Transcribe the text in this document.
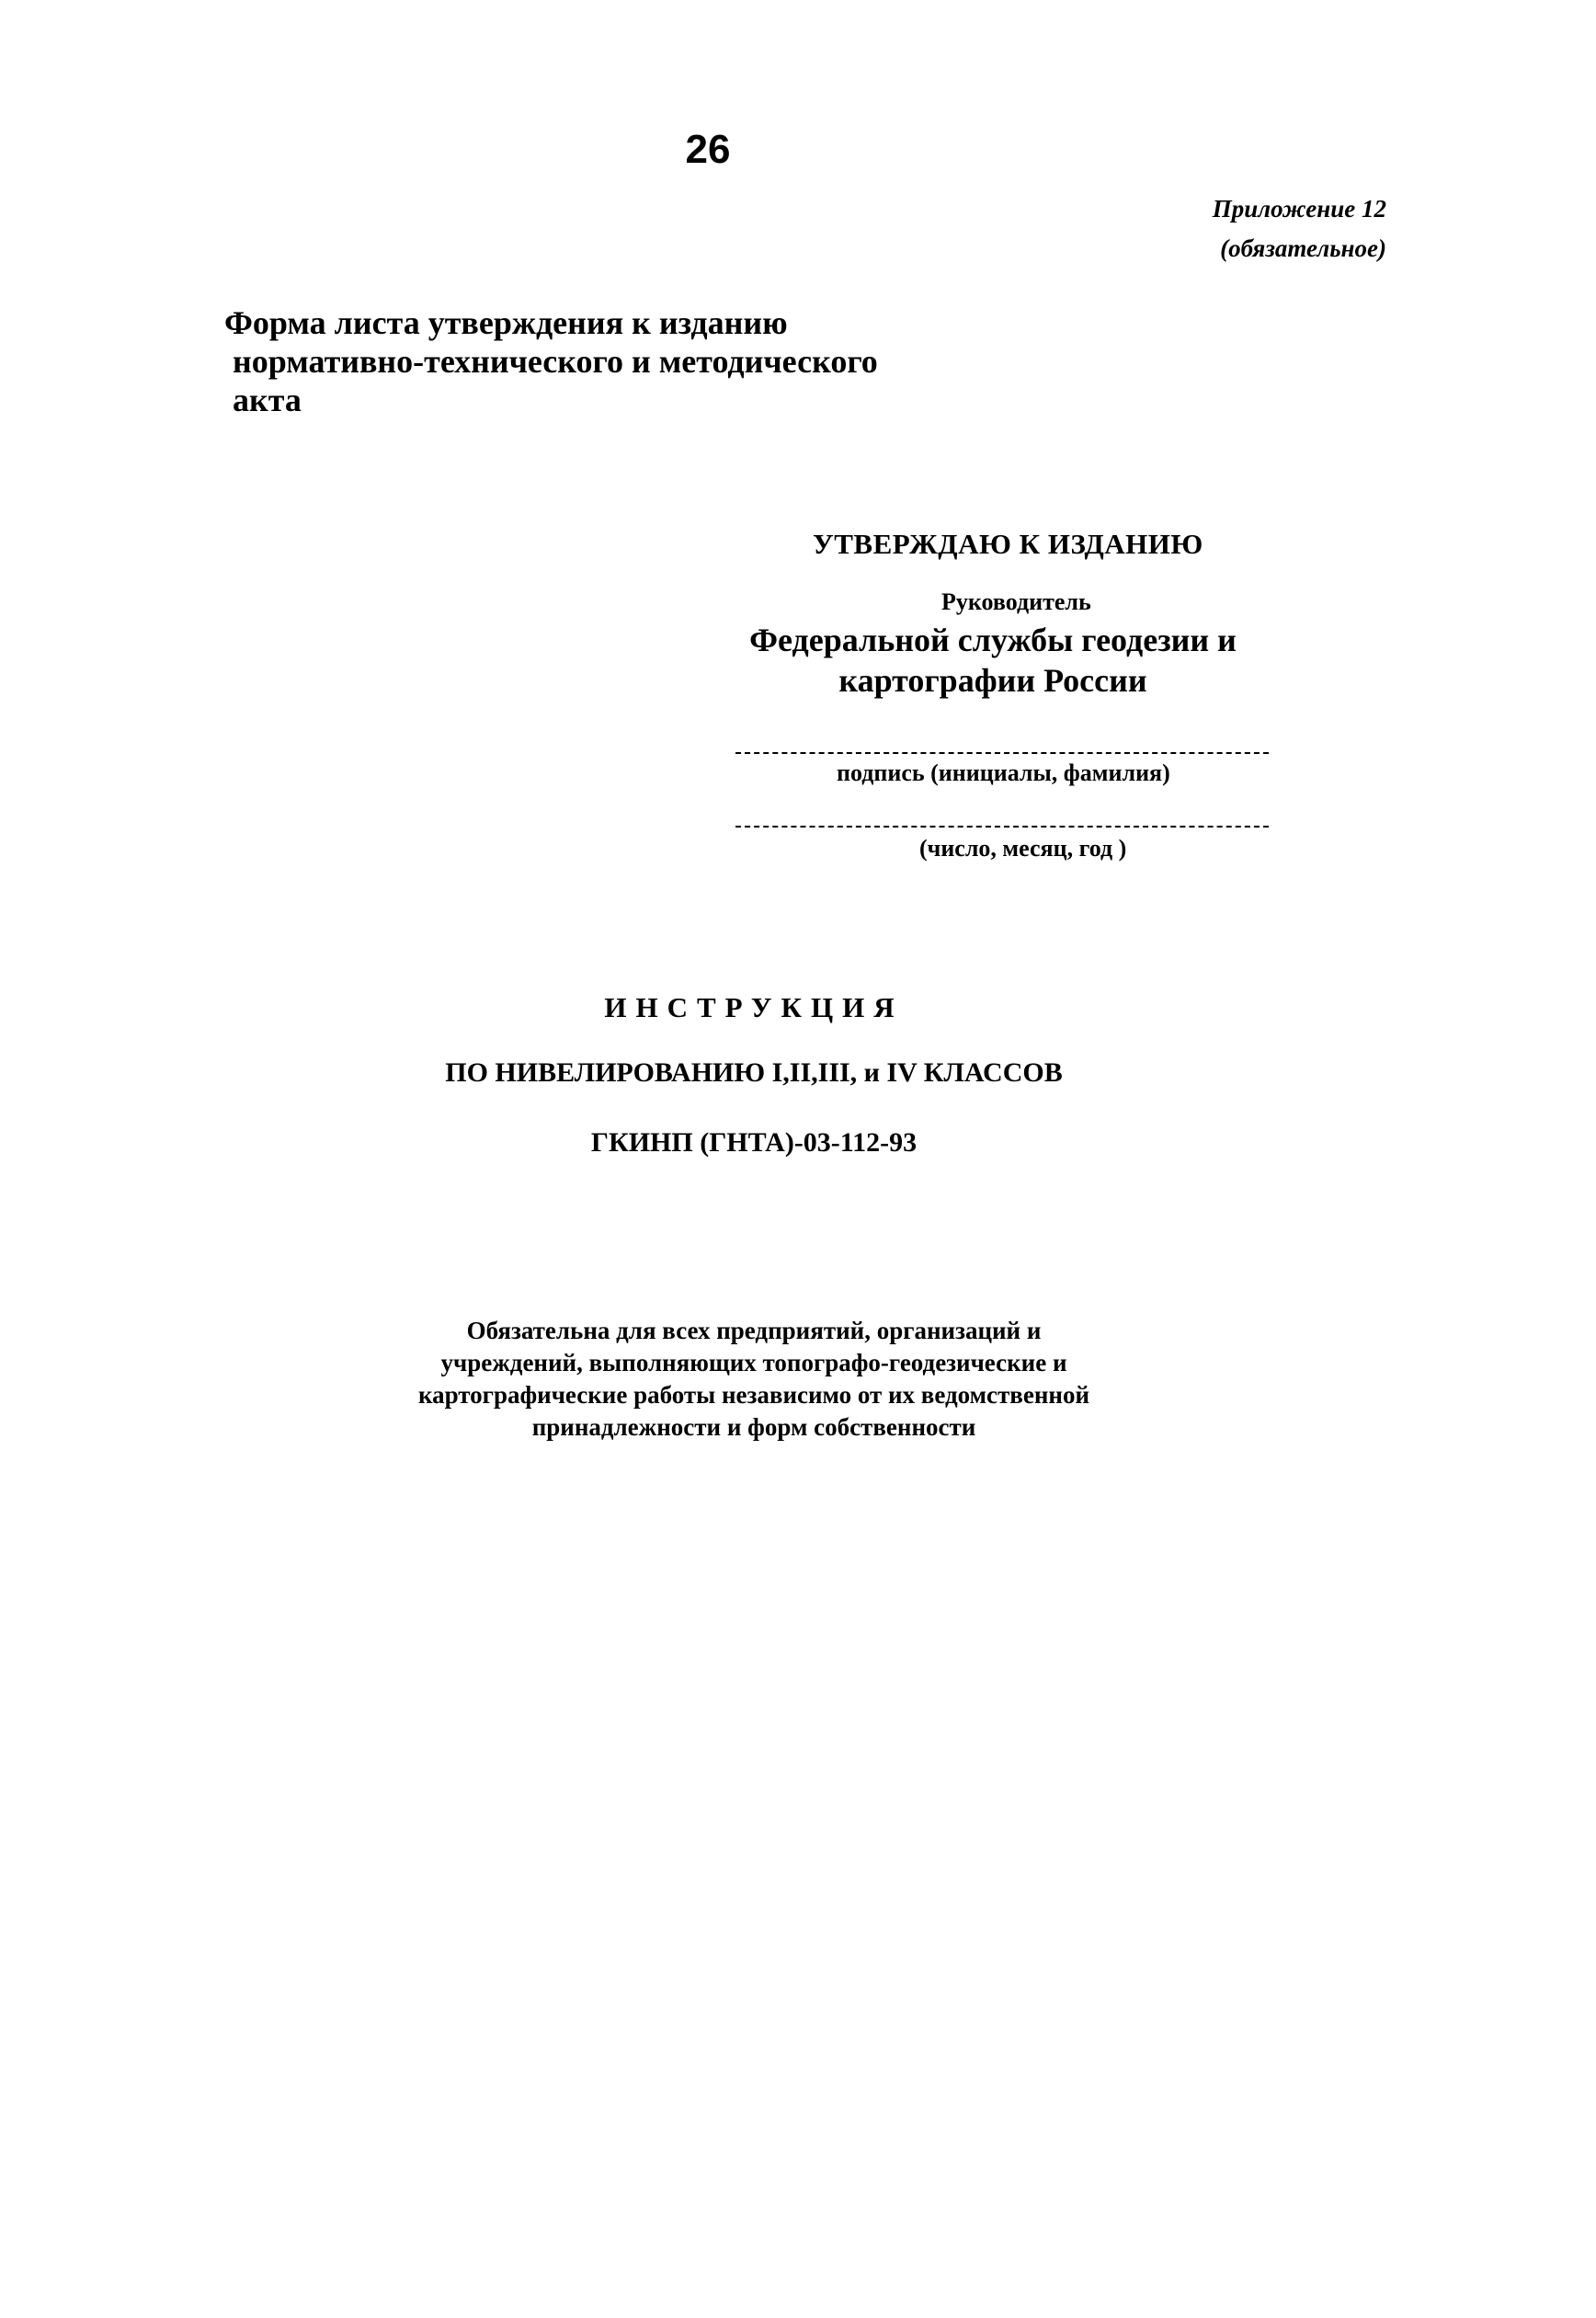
26
Приложение 12
(обязательное)
Форма листа утверждения к изданию
нормативно-технического и методического
акта
УТВЕРЖДАЮ К ИЗДАНИЮ
Руководитель
Федеральной службы геодезии и
картографии России
подпись (инициалы, фамилия)
(число, месяц, год )
ИНСТРУКЦИЯ
ПО НИВЕЛИРОВАНИЮ I,II,III, и IV КЛАССОВ
ГКИНП (ГНТА)-03-112-93
Обязательна для всех предприятий, организаций и
учреждений, выполняющих топографо-геодезические и
картографические работы независимо от их ведомственной
принадлежности и форм собственности
